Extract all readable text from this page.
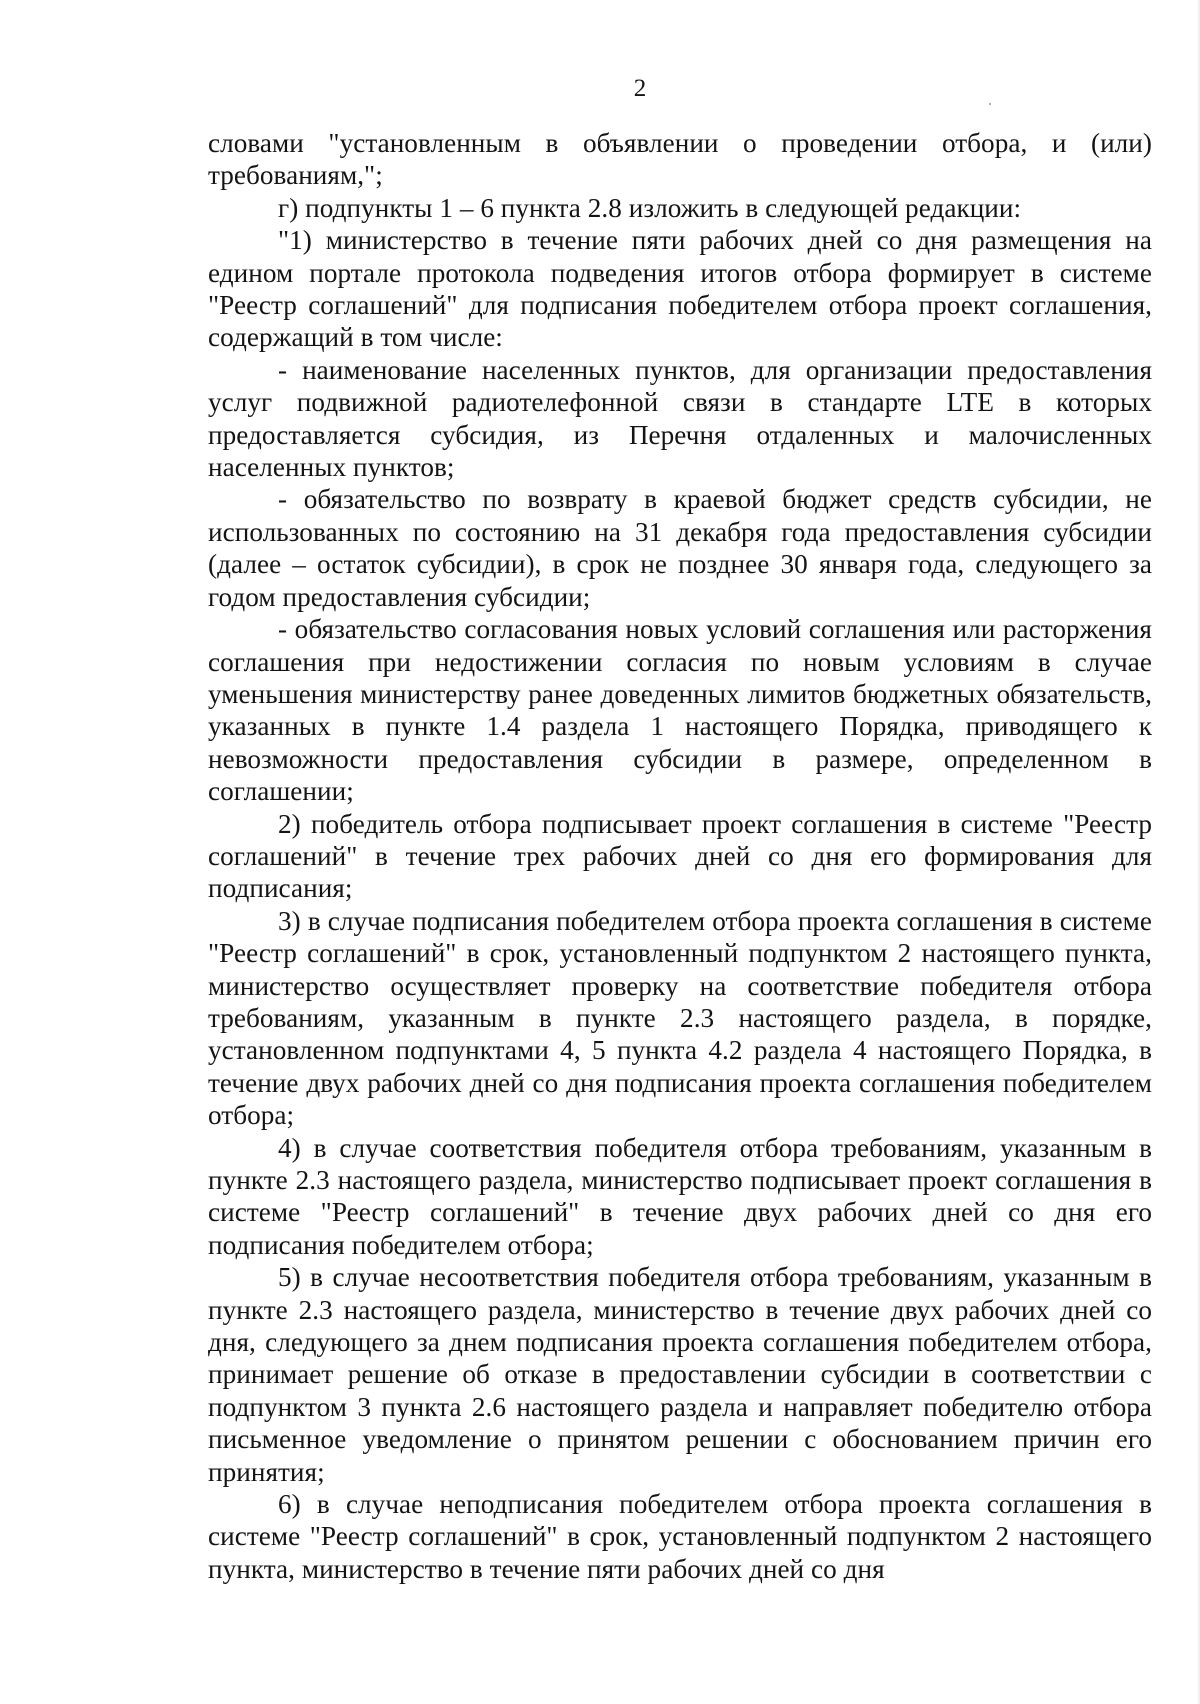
2

словами "установленным в объявлении о проведении отбора, и (или) требованиям,";

г) подпункты 1 – 6 пункта 2.8 изложить в следующей редакции:

"1) министерство в течение пяти рабочих дней со дня размещения на едином портале протокола подведения итогов отбора формирует в системе "Реестр соглашений" для подписания победителем отбора проект соглашения, содержащий в том числе:

- наименование населенных пунктов, для организации предоставления услуг подвижной радиотелефонной связи в стандарте LTE в которых предоставляется субсидия, из Перечня отдаленных и малочисленных населенных пунктов;

- обязательство по возврату в краевой бюджет средств субсидии, не использованных по состоянию на 31 декабря года предоставления субсидии (далее – остаток субсидии), в срок не позднее 30 января года, следующего за годом предоставления субсидии;

- обязательство согласования новых условий соглашения или расторжения соглашения при недостижении согласия по новым условиям в случае уменьшения министерству ранее доведенных лимитов бюджетных обязательств, указанных в пункте 1.4 раздела 1 настоящего Порядка, приводящего к невозможности предоставления субсидии в размере, определенном в соглашении;

2) победитель отбора подписывает проект соглашения в системе "Реестр соглашений" в течение трех рабочих дней со дня его формирования для подписания;

3) в случае подписания победителем отбора проекта соглашения в системе "Реестр соглашений" в срок, установленный подпунктом 2 настоящего пункта, министерство осуществляет проверку на соответствие победителя отбора требованиям, указанным в пункте 2.3 настоящего раздела, в порядке, установленном подпунктами 4, 5 пункта 4.2 раздела 4 настоящего Порядка, в течение двух рабочих дней со дня подписания проекта соглашения победителем отбора;

4) в случае соответствия победителя отбора требованиям, указанным в пункте 2.3 настоящего раздела, министерство подписывает проект соглашения в системе "Реестр соглашений" в течение двух рабочих дней со дня его подписания победителем отбора;

5) в случае несоответствия победителя отбора требованиям, указанным в пункте 2.3 настоящего раздела, министерство в течение двух рабочих дней со дня, следующего за днем подписания проекта соглашения победителем отбора, принимает решение об отказе в предоставлении субсидии в соответствии с подпунктом 3 пункта 2.6 настоящего раздела и направляет победителю отбора письменное уведомление о принятом решении с обоснованием причин его принятия;

6) в случае неподписания победителем отбора проекта соглашения в системе "Реестр соглашений" в срок, установленный подпунктом 2 настоящего пункта, министерство в течение пяти рабочих дней со дня
